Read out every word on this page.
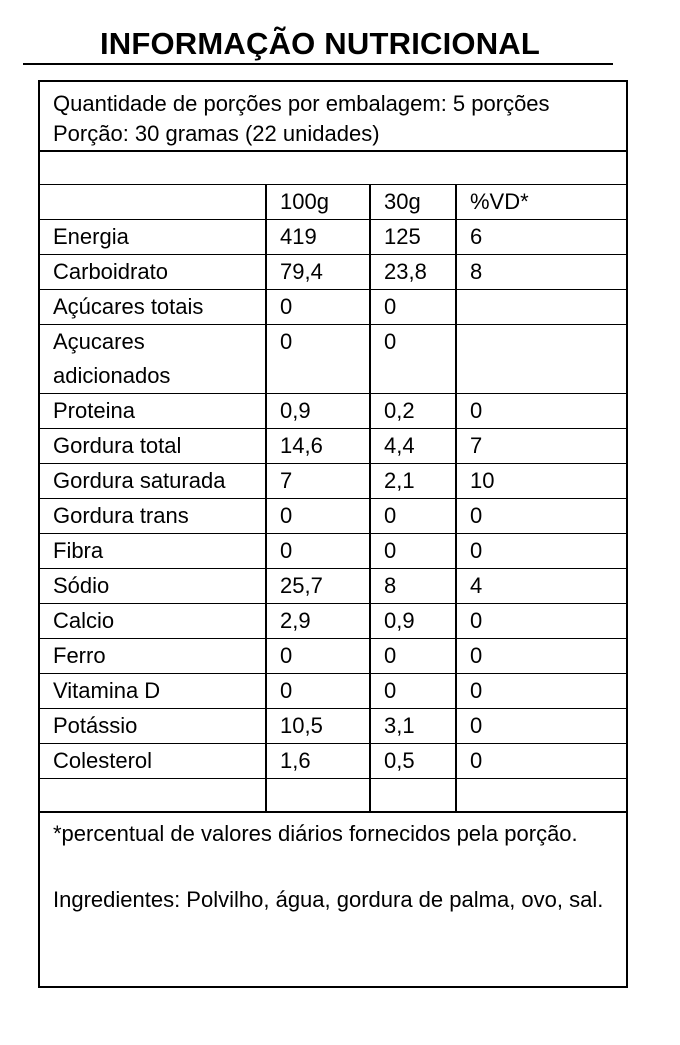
INFORMAÇÃO NUTRICIONAL
Quantidade de porções por embalagem: 5 porções
Porção: 30 gramas (22 unidades)

	100g	30g	%VD*
Energia	419	125	6
Carboidrato	79,4	23,8	8
Açúcares totais	0	0	
Açucares adicionados	0	0	
Proteina	0,9	0,2	0
Gordura total	14,6	4,4	7
Gordura saturada	7	2,1	10
Gordura trans	0	0	0
Fibra	0	0	0
Sódio	25,7	8	4
Calcio	2,9	0,9	0
Ferro	0	0	0
Vitamina D	0	0	0
Potássio	10,5	3,1	0
Colesterol	1,6	0,5	0

*percentual de valores diários fornecidos pela porção.

Ingredientes: Polvilho, água, gordura de palma, ovo, sal.
